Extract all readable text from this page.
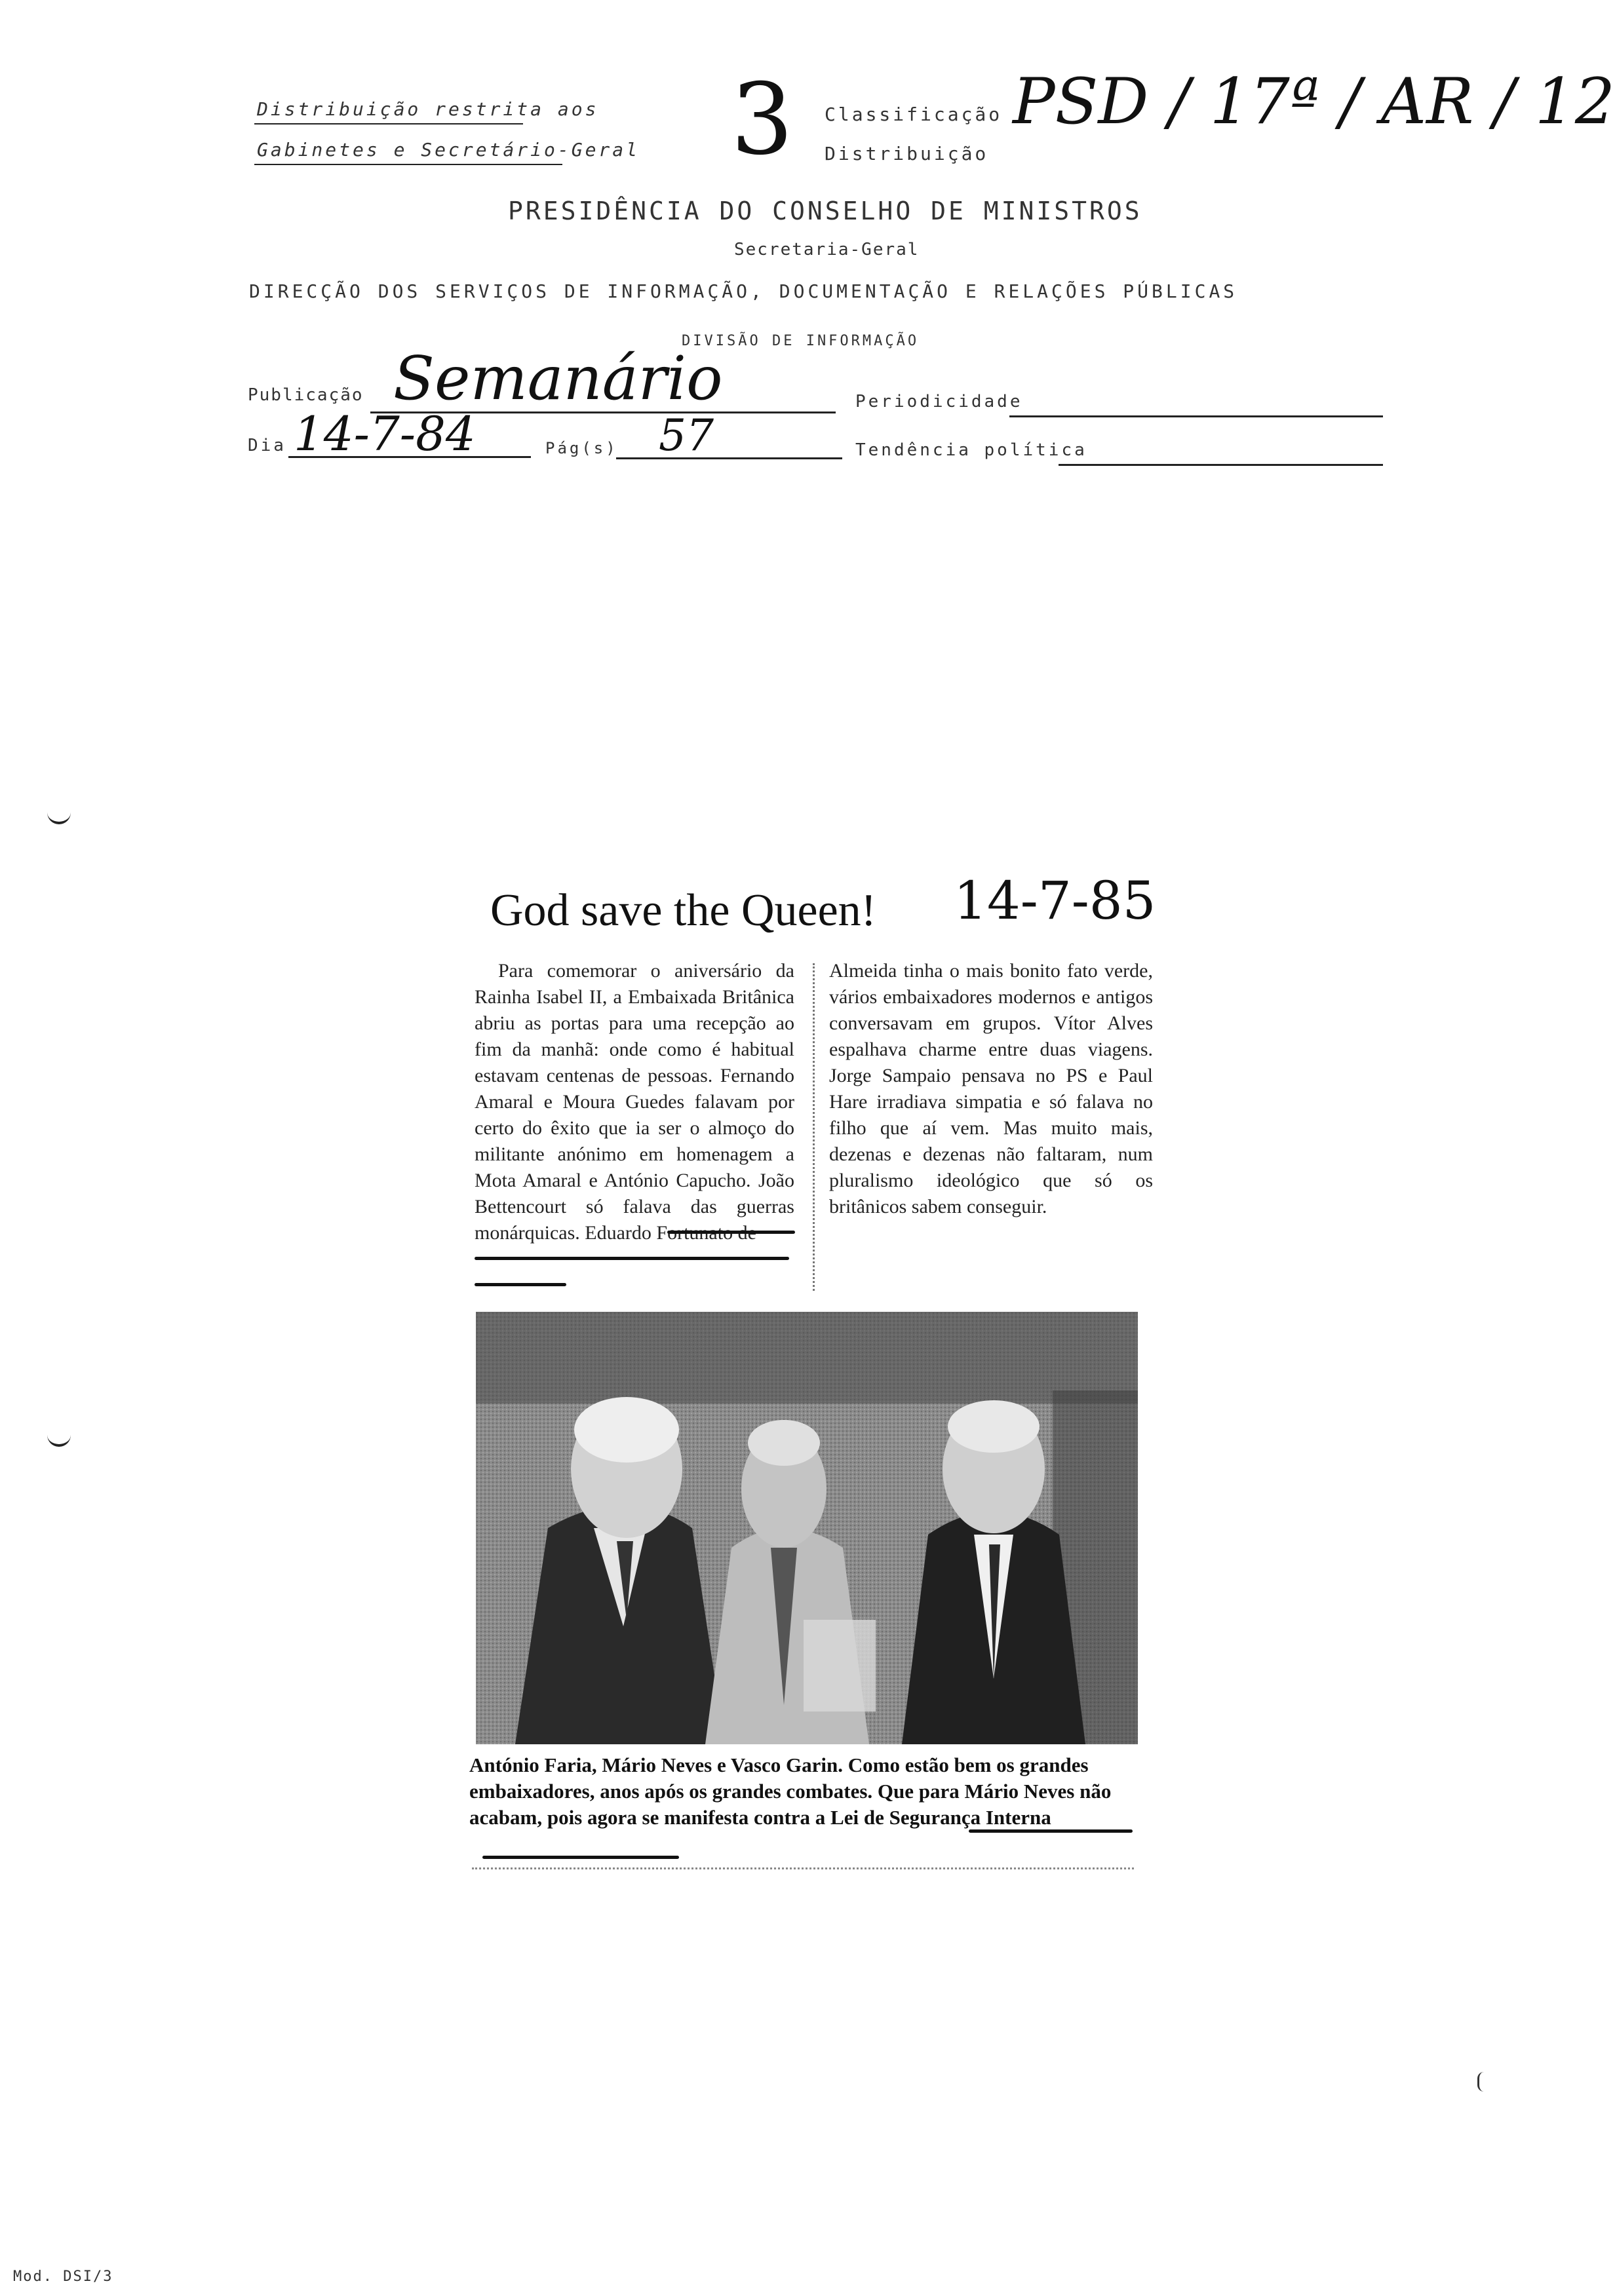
Distribuição restrita aos
Gabinetes e Secretário-Geral 3 Classificação
Distribuição
PSD / 17ª / AR / 12
PRESIDÊNCIA DO CONSELHO DE MINISTROS
Secretaria-Geral
DIRECÇÃO DOS SERVIÇOS DE INFORMAÇÃO, DOCUMENTAÇÃO E RELAÇÕES PÚBLICAS
DIVISÃO DE INFORMAÇÃO
Publicação Semanário	Periodicidade
Dia 14-7-84	Pág(s) 57	Tendência política
God save the Queen! 14-7-85

Para comemorar o aniversário da Rainha Isabel II, a Embaixada Britânica abriu as portas para uma recepção ao fim da manhã: onde como é habitual estavam centenas de pessoas. Fernando Amaral e Moura Guedes falavam por certo do êxito que ia ser o almoço do militante anónimo em homenagem a Mota Amaral e António Capucho. João Bettencourt só falava das guerras monárquicas. Eduardo Fortunato de

Almeida tinha o mais bonito fato verde, vários embaixadores modernos e antigos conversavam em grupos. Vítor Alves espalhava charme entre duas viagens. Jorge Sampaio pensava no PS e Paul Hare irradiava simpatia e só falava no filho que aí vem. Mas muito mais, dezenas e dezenas não faltaram, num pluralismo ideológico que só os britânicos sabem conseguir.

António Faria, Mário Neves e Vasco Garin. Como estão bem os grandes embaixadores, anos após os grandes combates. Que para Mário Neves não acabam, pois agora se manifesta contra a Lei de Segurança Interna

Mod. DSI/3
